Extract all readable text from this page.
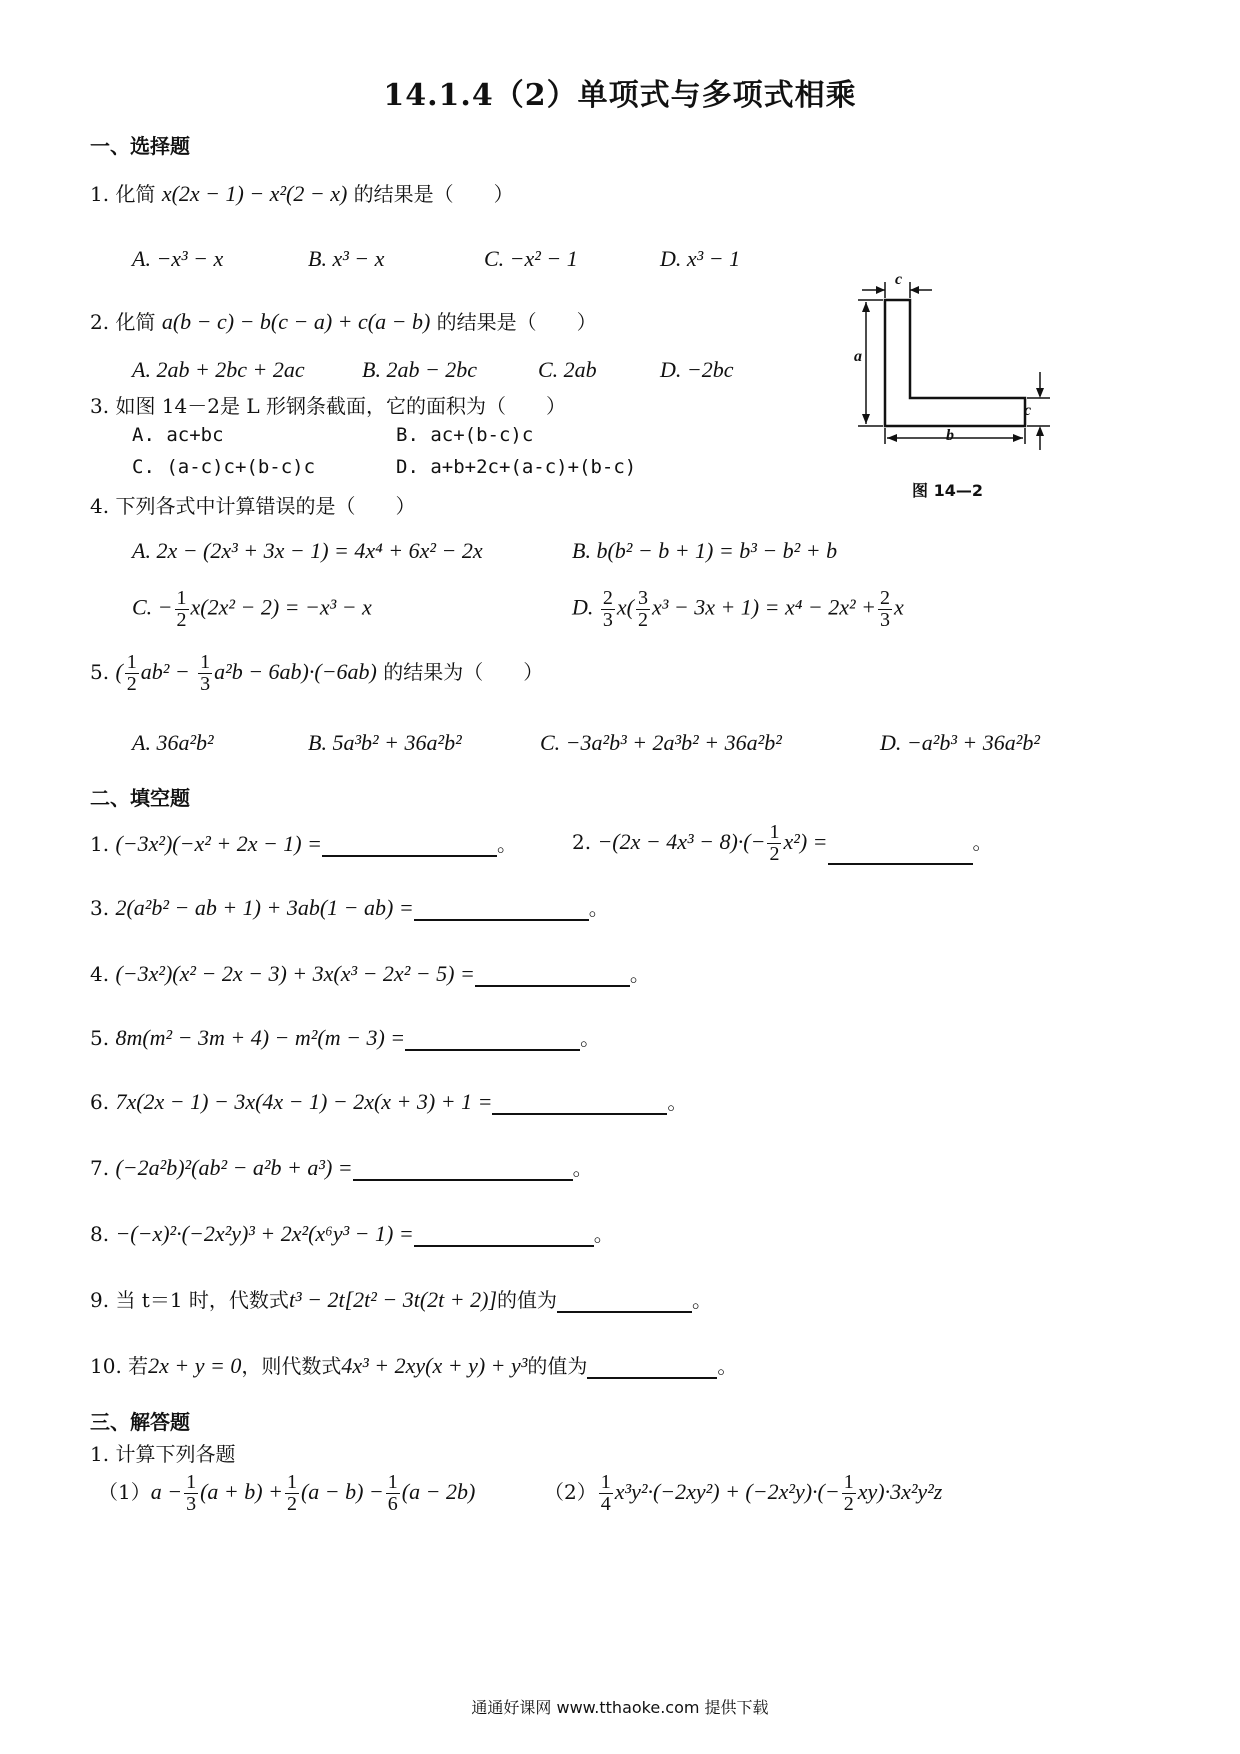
14.1.4（2）单项式与多项式相乘
一、选择题
1. 化简 x(2x − 1) − x²(2 − x) 的结果是（　　）
A. −x³ − x	B. x³ − x	C. −x² − 1	D. x³ − 1
2. 化简 a(b − c) − b(c − a) + c(a − b) 的结果是（　　）
A. 2ab + 2bc + 2ac	B. 2ab − 2bc	C. 2ab	D. −2bc
3. 如图 14－2是 L 形钢条截面，它的面积为（　　）
A. ac+bc	B. ac+(b-c)c
C. (a-c)c+(b-c)c	D. a+b+2c+(a-c)+(b-c)
c
a
b
c
图 14—2
4. 下列各式中计算错误的是（　　）
A. 2x − (2x³ + 3x − 1) = 4x⁴ + 6x² − 2x	B. b(b² − b + 1) = b³ − b² + b
C. − $\frac{1}{2} x(2x^2 - 2) = -x^3 - x$	D. $\frac{2}{3} x( \frac{3}{2} x^3 - 3x + 1) = x^4 - 2x^2 + \frac{2}{3}$ x
5. ( $\frac{1}{2} ab^2 - \frac{1}{3} a^2b - 6ab)\cdot(-6ab)$ 的结果为（　　）
A. 36a²b²	B. 5a³b² + 36a²b²	C. −3a²b³ + 2a³b² + 36a²b²	D. −a²b³ + 36a²b²
二、填空题
1. (−3x²)(−x² + 2x − 1) =	。	2. $-(2x - 4x^3 - 8)\cdot(- \frac{1}{2} x^2)$ =	。
3. 2(a²b² − ab + 1) + 3ab(1 − ab) =	。
4. (−3x²)(x² − 2x − 3) + 3x(x³ − 2x² − 5) =	。
5. 8m(m² − 3m + 4) − m²(m − 3) =	。
6. 7x(2x − 1) − 3x(4x − 1) − 2x(x + 3) + 1 =	。
7. (−2a²b)²(ab² − a²b + a³) =	。
8. −(−x)²·(−2x²y)³ + 2x²(x⁶y³ − 1) =	。
9. 当 t＝1 时，代数式t³ − 2t[2t² − 3t(2t + 2)]的值为	。
10. 若2x + y = 0，则代数式4x³ + 2xy(x + y) + y³的值为	。
三、解答题
1. 计算下列各题
$(1)a - \frac{1}{3} (a + b) + \frac{1}{2} (a - b) - \frac{1}{6} (a - 2b)$	$(2) \frac{1}{4} x^3y^2\cdot(-2xy^2) + (-2x^2y)\cdot(- \frac{1}{2} xy)\cdot 3x^2y^2z$
通通好课网 www.tthaoke.com 提供下载
